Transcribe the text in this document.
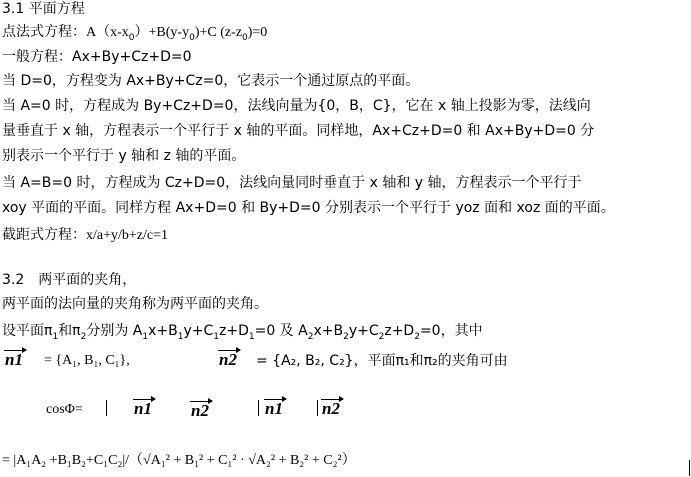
3.1 平面方程
点法式方程：$A(x-x_0)+B(y-y_0)+C$ $(z-z_0)=0$
一般方程：Ax+By+Cz+D=0
当 D=0，方程变为 Ax+By+Cz=0，它表示一个通过原点的平面。
当 A=0 时，方程成为 By+Cz+D=0，法线向量为{0，B，C}，它在 x 轴上投影为零，法线向
量垂直于 x 轴，方程表示一个平行于 x 轴的平面。同样地，Ax+Cz+D=0 和 Ax+By+D=0 分
别表示一个平行于 y 轴和 z 轴的平面。
当 A=B=0 时，方程成为 Cz+D=0，法线向量同时垂直于 x 轴和 y 轴，方程表示一个平行于
xoy 平面的平面。同样方程 Ax+D=0 和 By+D=0 分别表示一个平行于 yoz 面和 xoz 面的平面。
截距式方程：x/a+y/b+z/c=1
3.2　两平面的夹角，
两平面的法向量的夹角称为两平面的夹角。
设平面$\pi_1$和$\pi_2$分别为 $A_1x+B_1y+C_1z+D_1=0$ 及 $A_2x+B_2y+C_2z+D_2=0$，其中
n1 = {A₁, B₁, C₁},	n2 = {A₂, B₂, C₂}，平面π₁和π₂的夹角可由
cosΦ=	n1 n2	n1 n2
= |A₁A₂ +B₁B₂+C₁C₂|/（√A₁² + B₁² + C₁² · √A₂² + B₂² + C₂²）
